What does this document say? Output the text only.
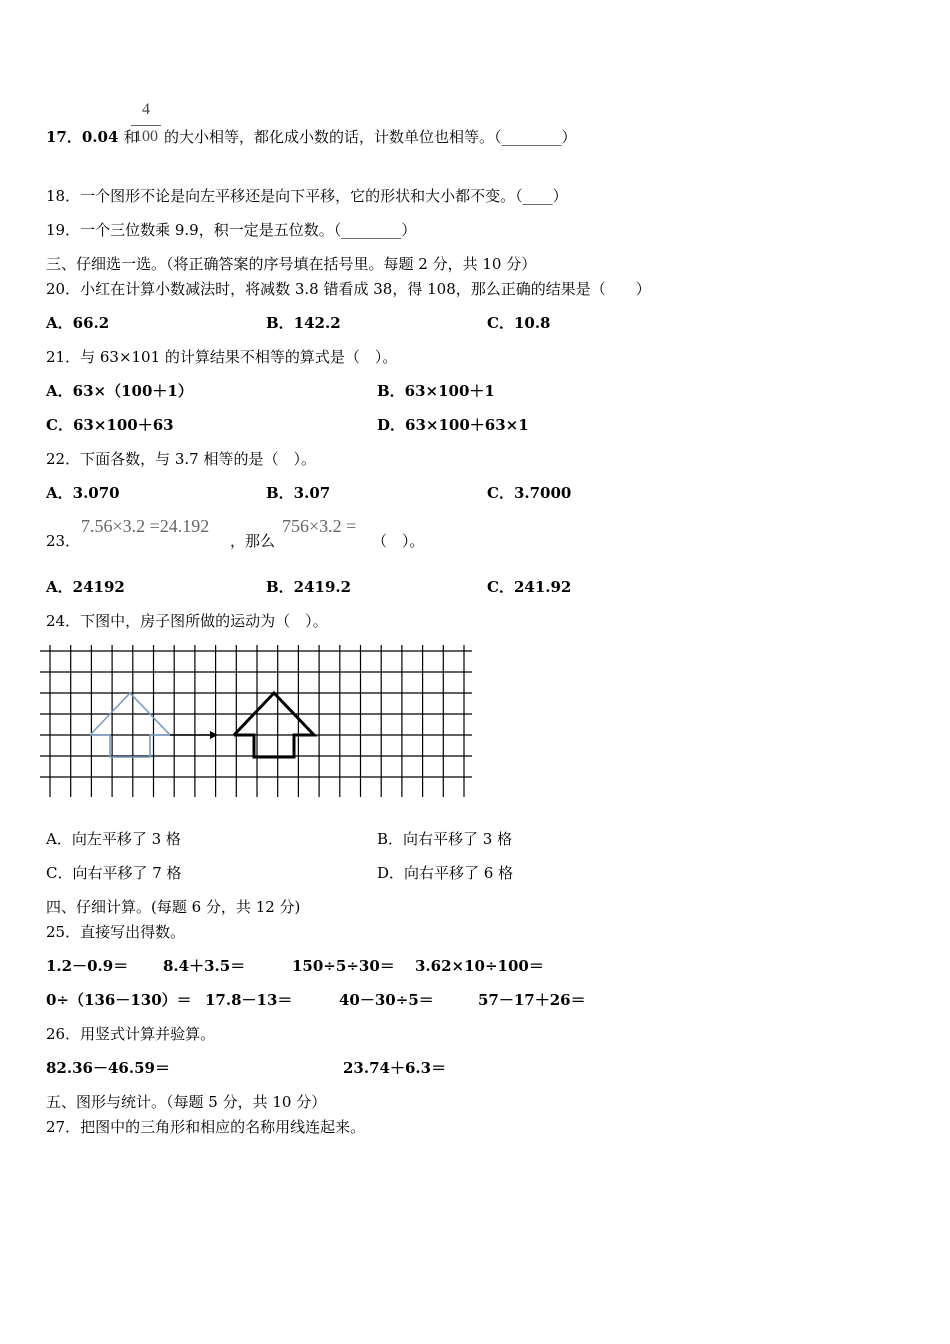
17．0.04 和
4
100 的大小相等，都化成小数的话，计数单位也相等。（________）
18．一个图形不论是向左平移还是向下平移，它的形状和大小都不变。（____）
19．一个三位数乘 9.9，积一定是五位数。（________）
三、仔细选一选。（将正确答案的序号填在括号里。每题 2 分，共 10 分）
20．小红在计算小数减法时，将减数 3.8 错看成 38，得 108，那么正确的结果是（　　）
A．66.2	B．142.2	C．10.8
21．与 63×101 的计算结果不相等的算式是（　）。
A．63×（100＋1）	B．63×100＋1
C．63×100＋63	D．63×100＋63×1
22．下面各数，与 3.7 相等的是（　）。
A．3.070	B．3.07	C．3.7000
23．
7.56×3.2 =24.192
，那么
756×3.2 =
（　）。
A．24192	B．2419.2	C．241.92
24．下图中，房子图所做的运动为（　）。
A．向左平移了 3 格	B．向右平移了 3 格
C．向右平移了 7 格	D．向右平移了 6 格
四、仔细计算。(每题 6 分，共 12 分)
25．直接写出得数。
1.2－0.9＝ 8.4＋3.5＝	150÷5÷30＝ 3.62×10÷100＝
0÷（136－130）＝ 17.8－13＝	40－30÷5＝	57－17＋26＝
26．用竖式计算并验算。
82.36－46.59＝	23.74＋6.3＝
五、图形与统计。（每题 5 分，共 10 分）
27．把图中的三角形和相应的名称用线连起来。
